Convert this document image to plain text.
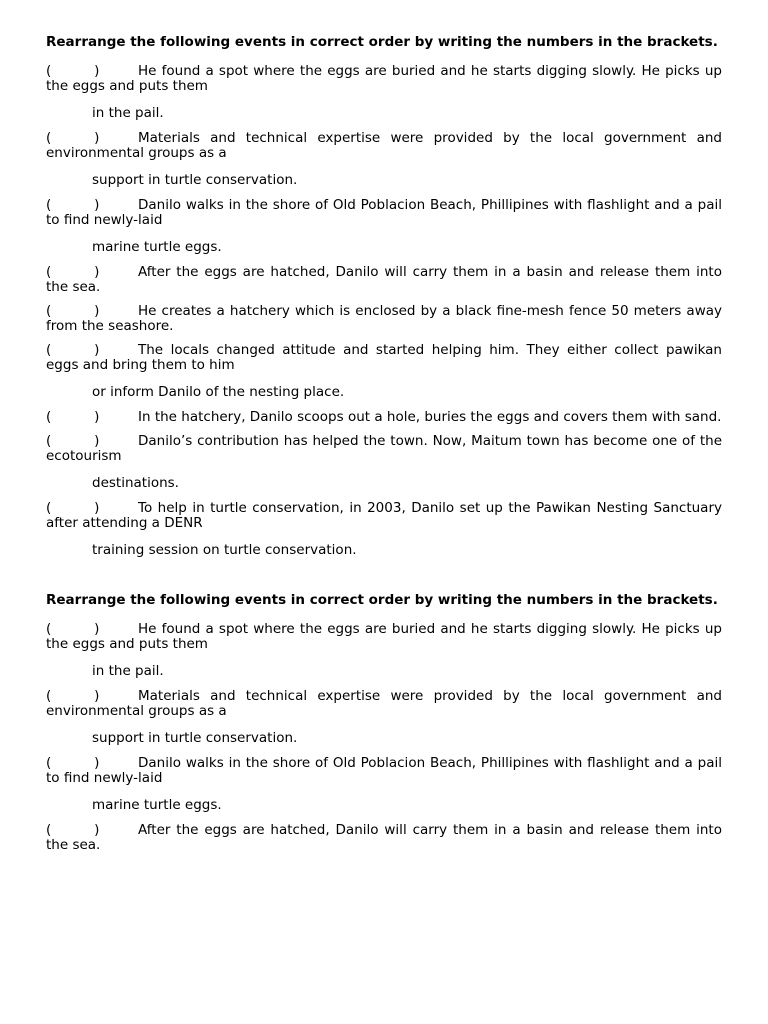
Rearrange the following events in correct order by writing the numbers in the brackets.
(          )	He found a spot where the eggs are buried and he starts digging slowly. He picks up the eggs and puts them
in the pail.
(          )	Materials and technical expertise were provided by the local government and environmental groups as a
support in turtle conservation.
(          )	Danilo walks in the shore of Old Poblacion Beach, Phillipines with flashlight and a pail to find newly-laid
marine turtle eggs.
(          )	After the eggs are hatched, Danilo will carry them in a basin and release them into the sea.
(          )	He creates a hatchery which is enclosed by a black fine-mesh fence 50 meters away from the seashore.
(          )	The locals changed attitude and started helping him. They either collect pawikan eggs and bring them to him
or inform Danilo of the nesting place.
(          )	In the hatchery, Danilo scoops out a hole, buries the eggs and covers them with sand.
(          )	Danilo’s contribution has helped the town. Now, Maitum town has become one of the ecotourism
destinations.
(          )	To help in turtle conservation, in 2003, Danilo set up the Pawikan Nesting Sanctuary after attending a DENR
training session on turtle conservation.
Rearrange the following events in correct order by writing the numbers in the brackets.
(          )	He found a spot where the eggs are buried and he starts digging slowly. He picks up the eggs and puts them
in the pail.
(          )	Materials and technical expertise were provided by the local government and environmental groups as a
support in turtle conservation.
(          )	Danilo walks in the shore of Old Poblacion Beach, Phillipines with flashlight and a pail to find newly-laid
marine turtle eggs.
(          )	After the eggs are hatched, Danilo will carry them in a basin and release them into the sea.
